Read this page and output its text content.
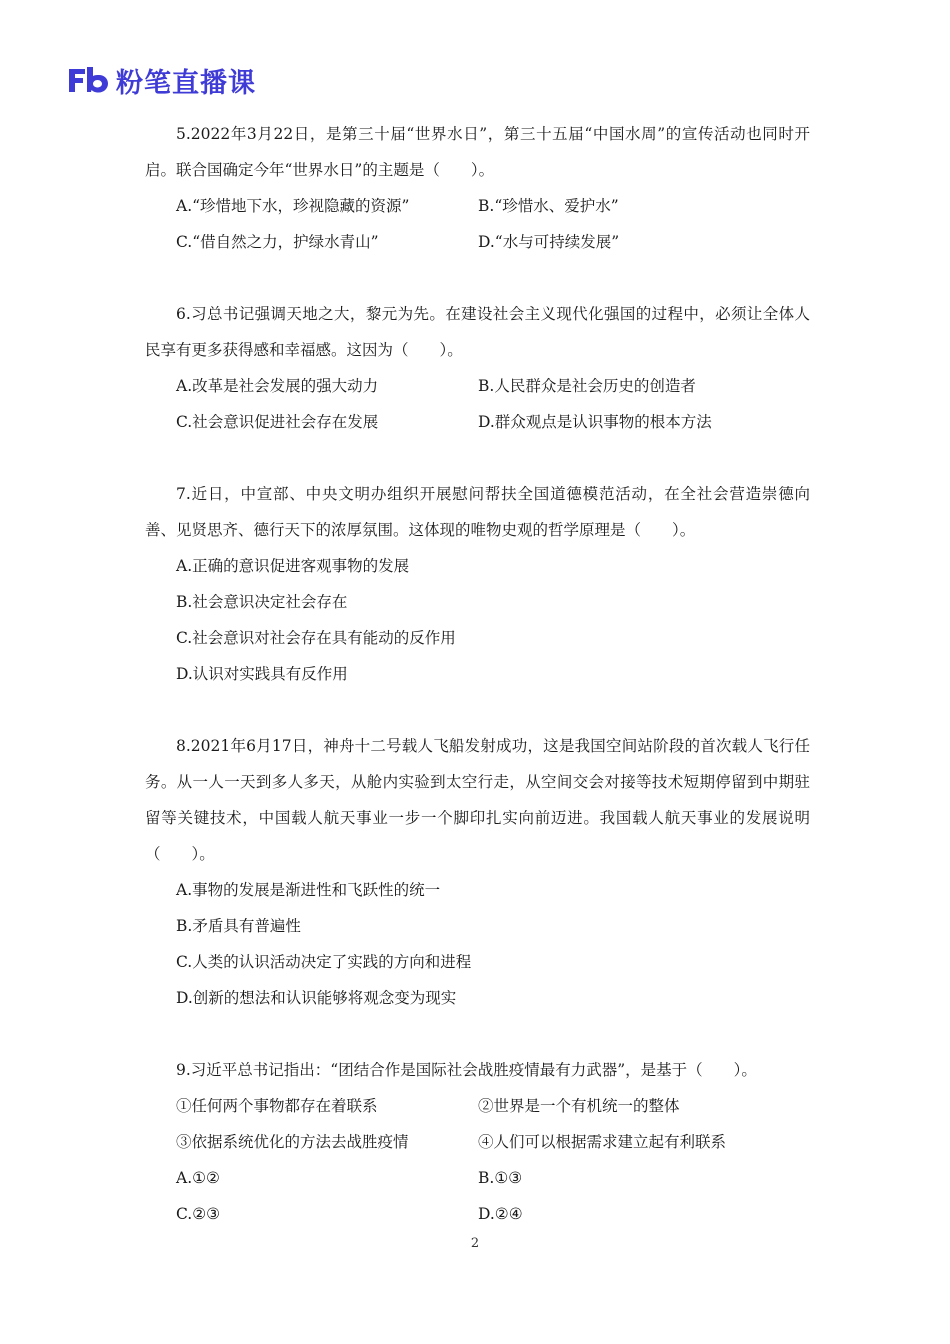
粉笔直播课

5.2022年3月22日，是第三十届“世界水日”，第三十五届“中国水周”的宣传活动也同时开启。联合国确定今年“世界水日”的主题是（　　）。

A.“珍惜地下水，珍视隐藏的资源”	B.“珍惜水、爱护水”
C.“借自然之力，护绿水青山”	D.“水与可持续发展”

6.习总书记强调天地之大，黎元为先。在建设社会主义现代化强国的过程中，必须让全体人民享有更多获得感和幸福感。这因为（　　）。

A.改革是社会发展的强大动力	B.人民群众是社会历史的创造者
C.社会意识促进社会存在发展	D.群众观点是认识事物的根本方法

7.近日，中宣部、中央文明办组织开展慰问帮扶全国道德模范活动，在全社会营造崇德向善、见贤思齐、德行天下的浓厚氛围。这体现的唯物史观的哲学原理是（　　）。

A.正确的意识促进客观事物的发展
B.社会意识决定社会存在
C.社会意识对社会存在具有能动的反作用
D.认识对实践具有反作用

8.2021年6月17日，神舟十二号载人飞船发射成功，这是我国空间站阶段的首次载人飞行任务。从一人一天到多人多天，从舱内实验到太空行走，从空间交会对接等技术短期停留到中期驻留等关键技术，中国载人航天事业一步一个脚印扎实向前迈进。我国载人航天事业的发展说明（　　）。

A.事物的发展是渐进性和飞跃性的统一
B.矛盾具有普遍性
C.人类的认识活动决定了实践的方向和进程
D.创新的想法和认识能够将观念变为现实

9.习近平总书记指出：“团结合作是国际社会战胜疫情最有力武器”，是基于（　　）。

①任何两个事物都存在着联系	②世界是一个有机统一的整体
③依据系统优化的方法去战胜疫情	④人们可以根据需求建立起有利联系
A.①②	B.①③
C.②③	D.②④
2
